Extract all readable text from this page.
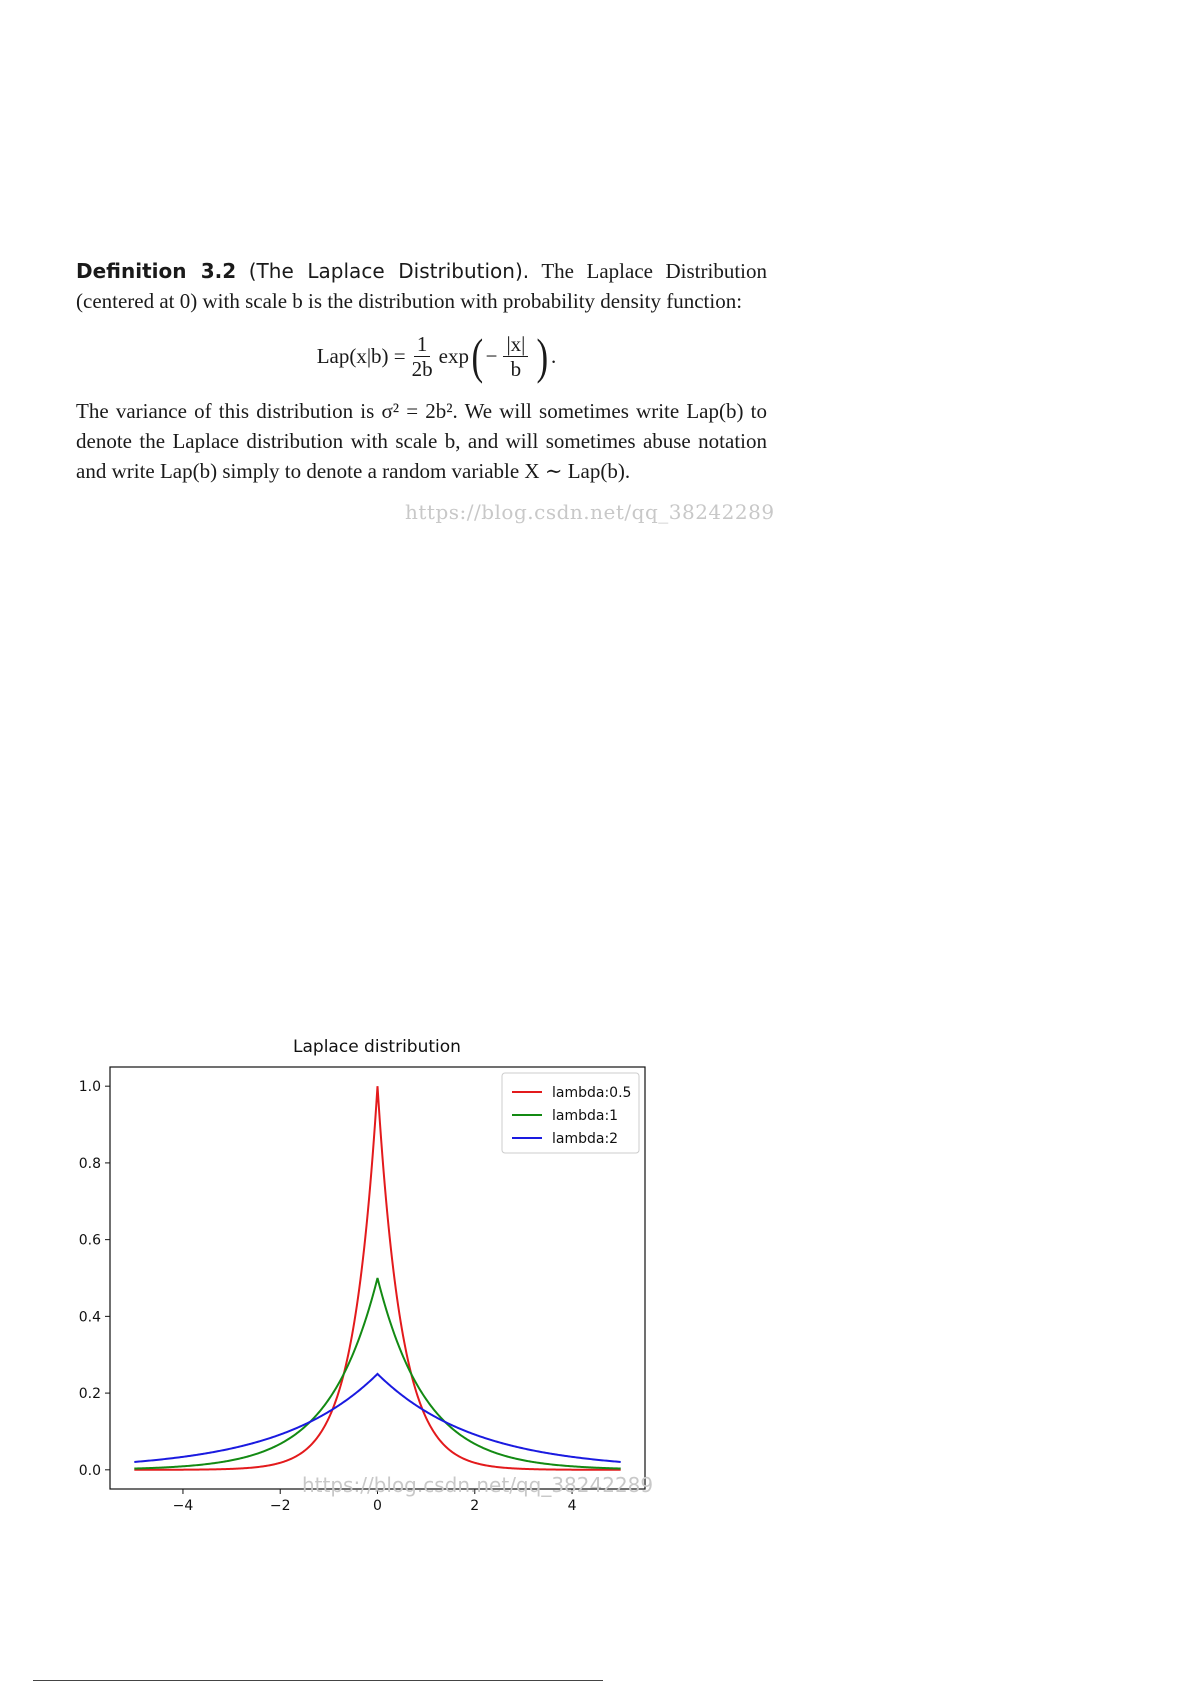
Definition 3.2 (The Laplace Distribution). The Laplace Distribution (centered at 0) with scale b is the distribution with probability density function:

$Lap(x|b) = \frac{1}{2b}$ exp ( − $\frac{|x|}{b}$ ) .

The variance of this distribution is σ² = 2b². We will sometimes write Lap(b) to denote the Laplace distribution with scale b, and will sometimes abuse notation and write Lap(b) simply to denote a random variable X ∼ Lap(b).

https://blog.csdn.net/qq_38242289
Laplace distribution
−4	−2	0	2	4
0.0
0.2
0.4
0.6
0.8
1.0	lambda:0.5
lambda:1
lambda:2
https://blog.csdn.net/qq_38242289
